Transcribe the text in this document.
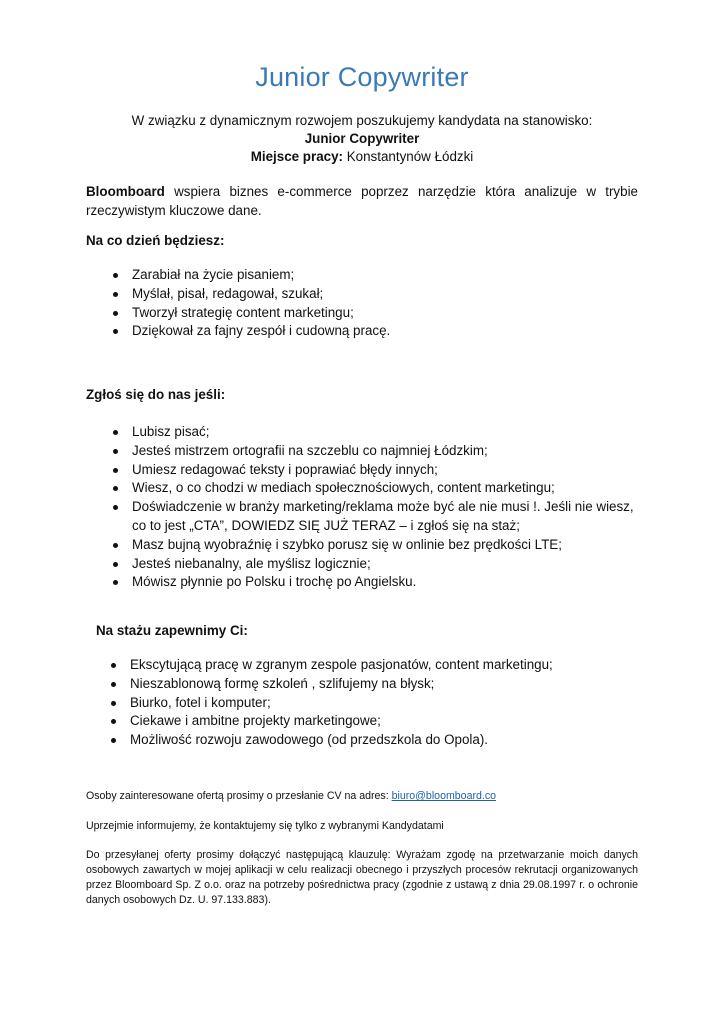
Junior Copywriter
W związku z dynamicznym rozwojem poszukujemy kandydata na stanowisko:
Junior Copywriter
Miejsce pracy: Konstantynów Łódzki
Bloomboard wspiera biznes e-commerce poprzez narzędzie która analizuje w trybie rzeczywistym kluczowe dane.
Na co dzień będziesz:
Zarabiał na życie pisaniem;
Myślał, pisał, redagował, szukał;
Tworzył strategię content marketingu;
Dziękował za fajny zespół i cudowną pracę.
Zgłoś się do nas jeśli:
Lubisz pisać;
Jesteś mistrzem ortografii na szczeblu co najmniej Łódzkim;
Umiesz redagować teksty i poprawiać błędy innych;
Wiesz, o co chodzi w mediach społecznościowych, content marketingu;
Doświadczenie w branży marketing/reklama może być ale nie musi !. Jeśli nie wiesz, co to jest „CTA”, DOWIEDZ SIĘ JUŻ TERAZ – i zgłoś się na staż;
Masz bujną wyobraźnię i szybko porusz się w onlinie bez prędkości LTE;
Jesteś niebanalny, ale myślisz logicznie;
Mówisz płynnie po Polsku i trochę po Angielsku.
Na stażu zapewnimy Ci:
Ekscytującą pracę w zgranym zespole pasjonatów, content marketingu;
Nieszablonową formę szkoleń , szlifujemy na błysk;
Biurko, fotel i komputer;
Ciekawe i ambitne projekty marketingowe;
Możliwość rozwoju zawodowego (od przedszkola do Opola).
Osoby zainteresowane ofertą prosimy o przesłanie CV na adres: biuro@bloomboard.co
Uprzejmie informujemy, że kontaktujemy się tylko z wybranymi Kandydatami
Do przesyłanej oferty prosimy dołączyć następującą klauzulę: Wyrażam zgodę na przetwarzanie moich danych osobowych zawartych w mojej aplikacji w celu realizacji obecnego i przyszłych procesów rekrutacji organizowanych przez Bloomboard Sp. Z o.o. oraz na potrzeby pośrednictwa pracy (zgodnie z ustawą z dnia 29.08.1997 r. o ochronie danych osobowych Dz. U. 97.133.883).
